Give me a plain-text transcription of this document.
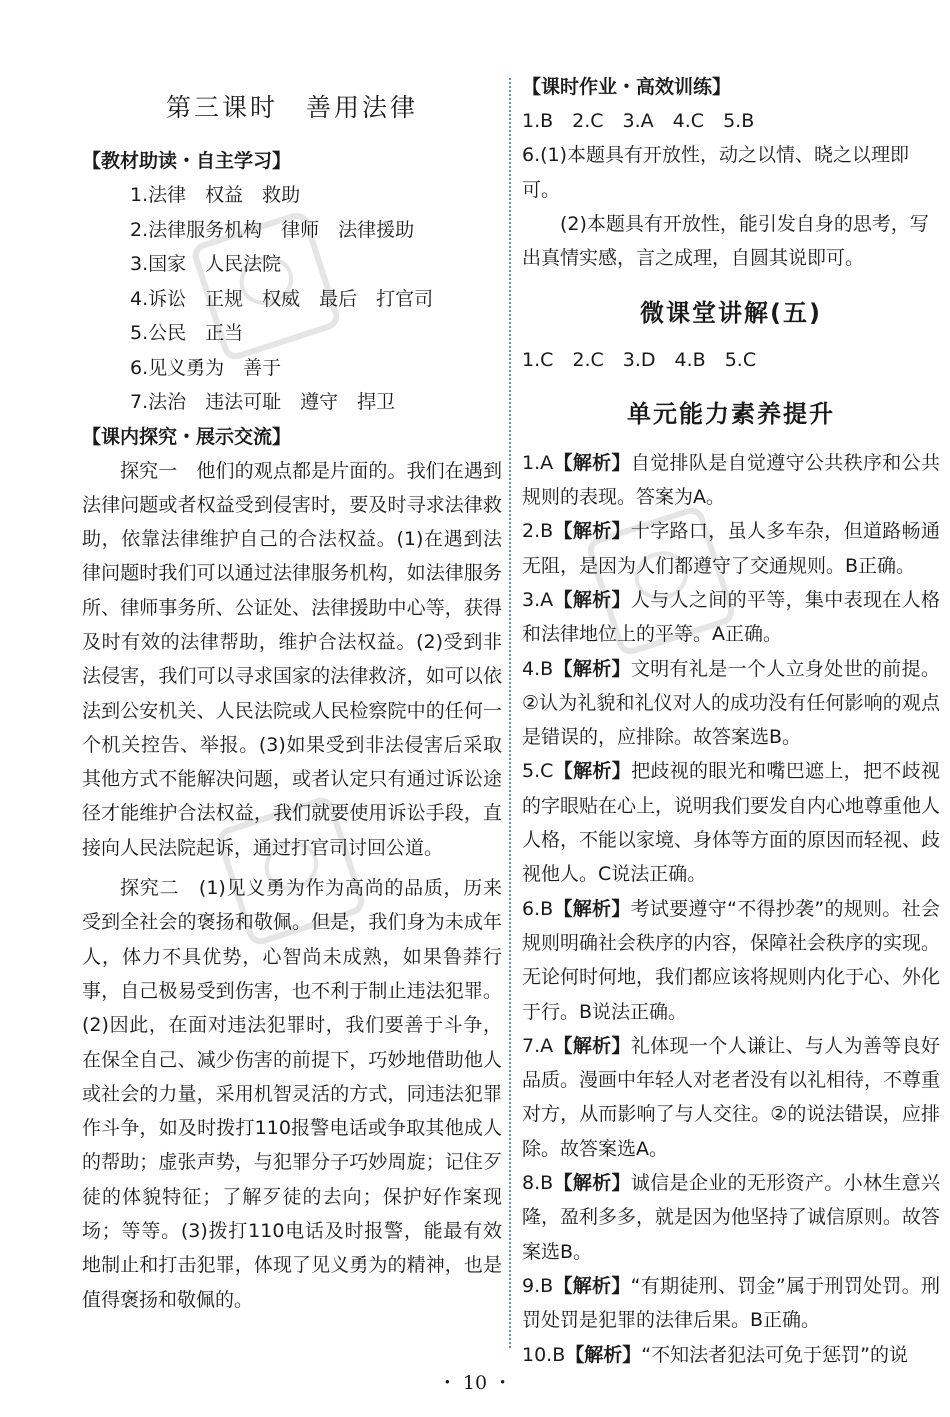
第三课时　善用法律
【教材助读・自主学习】
1.法律　权益　救助
2.法律服务机构　律师　法律援助
3.国家　人民法院
4.诉讼　正规　权威　最后　打官司
5.公民　正当
6.见义勇为　善于
7.法治　违法可耻　遵守　捍卫
【课内探究・展示交流】

探究一　他们的观点都是片面的。我们在遇到法律问题或者权益受到侵害时，要及时寻求法律救助，依靠法律维护自己的合法权益。(1)在遇到法律问题时我们可以通过法律服务机构，如法律服务所、律师事务所、公证处、法律援助中心等，获得及时有效的法律帮助，维护合法权益。(2)受到非法侵害，我们可以寻求国家的法律救济，如可以依法到公安机关、人民法院或人民检察院中的任何一个机关控告、举报。(3)如果受到非法侵害后采取其他方式不能解决问题，或者认定只有通过诉讼途径才能维护合法权益，我们就要使用诉讼手段，直接向人民法院起诉，通过打官司讨回公道。

探究二　(1)见义勇为作为高尚的品质，历来受到全社会的褒扬和敬佩。但是，我们身为未成年人，体力不具优势，心智尚未成熟，如果鲁莽行事，自己极易受到伤害，也不利于制止违法犯罪。(2)因此，在面对违法犯罪时，我们要善于斗争，在保全自己、减少伤害的前提下，巧妙地借助他人或社会的力量，采用机智灵活的方式，同违法犯罪作斗争，如及时拨打110报警电话或争取其他成人的帮助；虚张声势，与犯罪分子巧妙周旋；记住歹徒的体貌特征；了解歹徒的去向；保护好作案现场；等等。(3)拨打110电话及时报警，能最有效地制止和打击犯罪，体现了见义勇为的精神，也是值得褒扬和敬佩的。

【课时作业・高效训练】

1.B　2.C　3.A　4.C　5.B

6.(1)本题具有开放性，动之以情、晓之以理即可。

(2)本题具有开放性，能引发自身的思考，写出真情实感，言之成理，自圆其说即可。

微课堂讲解(五)

1.C　2.C　3.D　4.B　5.C

单元能力素养提升

1.A【解析】自觉排队是自觉遵守公共秩序和公共规则的表现。答案为A。

2.B【解析】十字路口，虽人多车杂，但道路畅通无阻，是因为人们都遵守了交通规则。B正确。

3.A【解析】人与人之间的平等，集中表现在人格和法律地位上的平等。A正确。

4.B【解析】文明有礼是一个人立身处世的前提。②认为礼貌和礼仪对人的成功没有任何影响的观点是错误的，应排除。故答案选B。

5.C【解析】把歧视的眼光和嘴巴遮上，把不歧视的字眼贴在心上，说明我们要发自内心地尊重他人人格，不能以家境、身体等方面的原因而轻视、歧视他人。C说法正确。

6.B【解析】考试要遵守“不得抄袭”的规则。社会规则明确社会秩序的内容，保障社会秩序的实现。无论何时何地，我们都应该将规则内化于心、外化于行。B说法正确。

7.A【解析】礼体现一个人谦让、与人为善等良好品质。漫画中年轻人对老者没有以礼相待，不尊重对方，从而影响了与人交往。②的说法错误，应排除。故答案选A。

8.B【解析】诚信是企业的无形资产。小林生意兴隆，盈利多多，就是因为他坚持了诚信原则。故答案选B。

9.B【解析】“有期徒刑、罚金”属于刑罚处罚。刑罚处罚是犯罪的法律后果。B正确。

10.B【解析】“不知法者犯法可免于惩罚”的说

・ 10 ・
